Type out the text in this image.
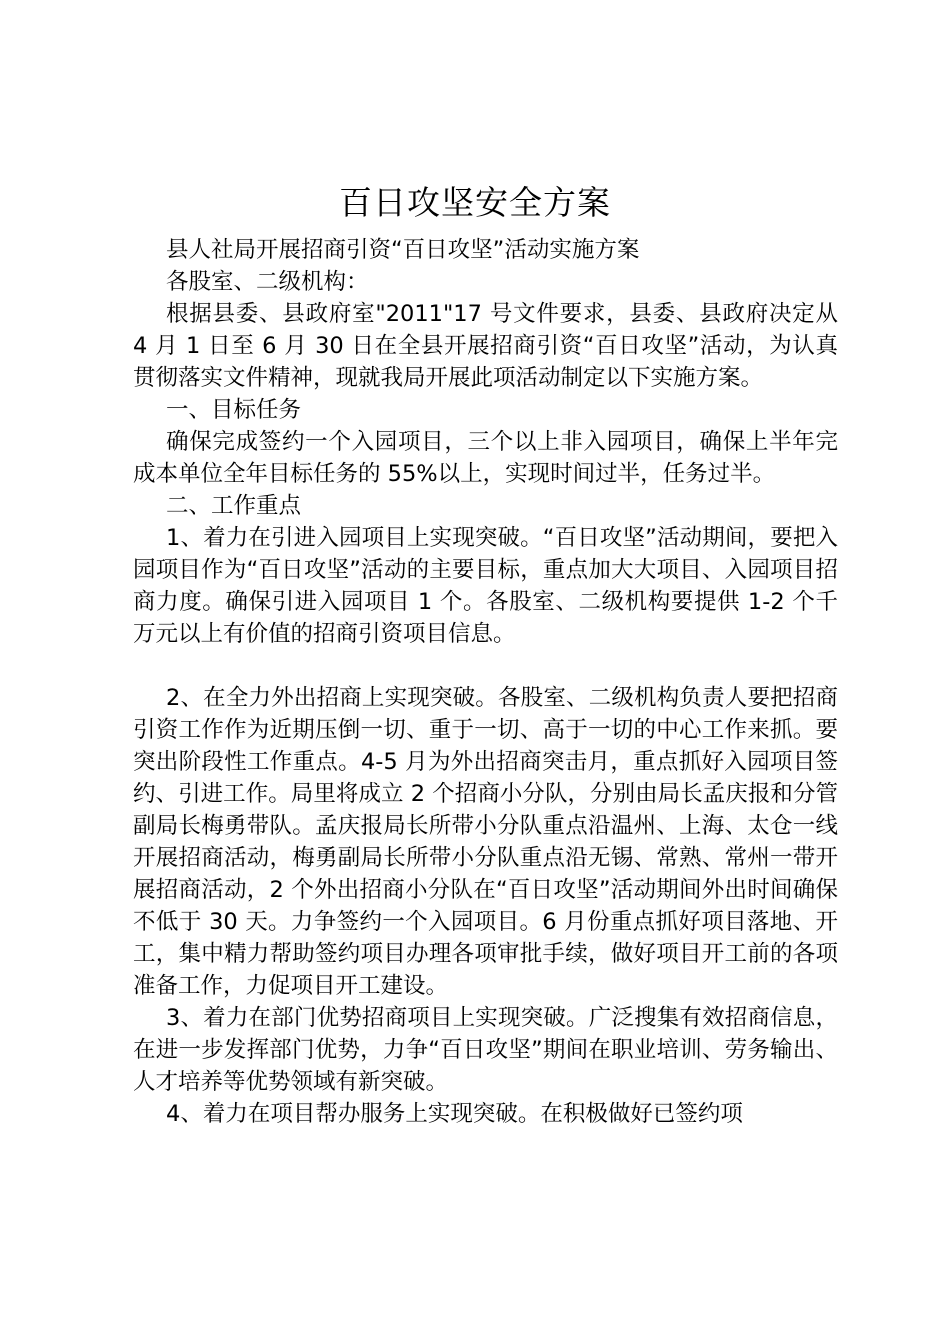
百日攻坚安全方案

县人社局开展招商引资“百日攻坚”活动实施方案

各股室、二级机构：

根据县委、县政府室"2011"17 号文件要求，县委、县政府决定从 4 月 1 日至 6 月 30 日在全县开展招商引资“百日攻坚”活动，为认真贯彻落实文件精神，现就我局开展此项活动制定以下实施方案。

一、目标任务

确保完成签约一个入园项目，三个以上非入园项目，确保上半年完成本单位全年目标任务的 55%以上，实现时间过半，任务过半。

二、工作重点

1、着力在引进入园项目上实现突破。“百日攻坚”活动期间，要把入园项目作为“百日攻坚”活动的主要目标，重点加大大项目、入园项目招商力度。确保引进入园项目 1 个。各股室、二级机构要提供 1-2 个千万元以上有价值的招商引资项目信息。

2、在全力外出招商上实现突破。各股室、二级机构负责人要把招商引资工作作为近期压倒一切、重于一切、高于一切的中心工作来抓。要突出阶段性工作重点。4-5 月为外出招商突击月，重点抓好入园项目签约、引进工作。局里将成立 2 个招商小分队，分别由局长孟庆报和分管副局长梅勇带队。孟庆报局长所带小分队重点沿温州、上海、太仓一线开展招商活动，梅勇副局长所带小分队重点沿无锡、常熟、常州一带开展招商活动，2 个外出招商小分队在“百日攻坚”活动期间外出时间确保不低于 30 天。力争签约一个入园项目。6 月份重点抓好项目落地、开工，集中精力帮助签约项目办理各项审批手续，做好项目开工前的各项准备工作，力促项目开工建设。

3、着力在部门优势招商项目上实现突破。广泛搜集有效招商信息，在进一步发挥部门优势，力争“百日攻坚”期间在职业培训、劳务输出、人才培养等优势领域有新突破。

4、着力在项目帮办服务上实现突破。在积极做好已签约项
